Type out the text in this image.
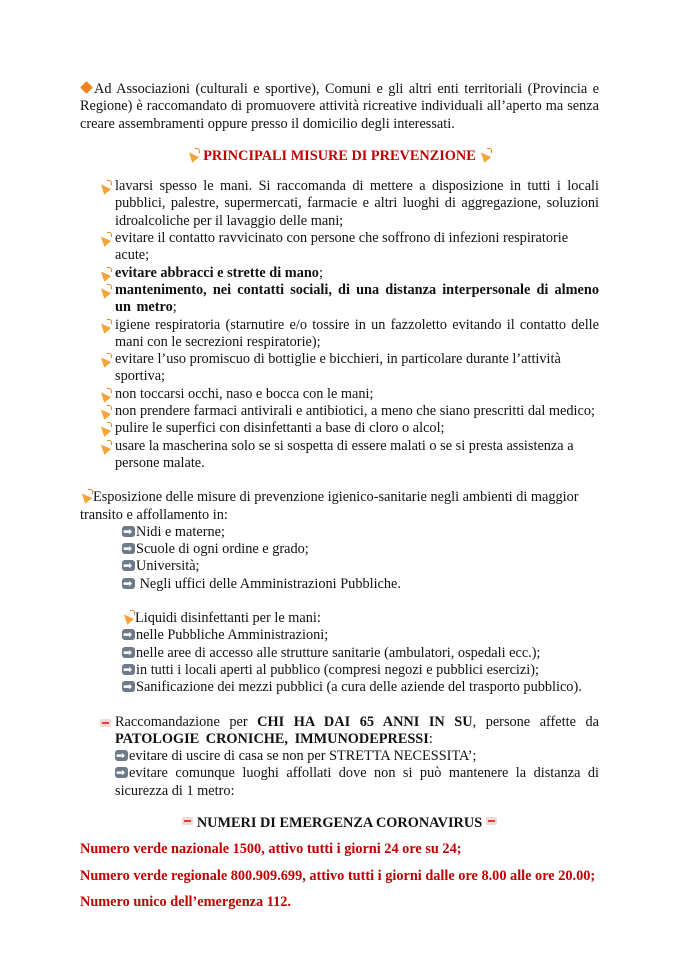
Ad Associazioni (culturali e sportive), Comuni e gli altri enti territoriali (Provincia e Regione) è raccomandato di promuovere attività ricreative individuali all’aperto ma senza creare assembramenti oppure presso il domicilio degli interessati.

PRINCIPALI MISURE DI PREVENZIONE

lavarsi spesso le mani. Si raccomanda di mettere a disposizione in tutti i locali pubblici, palestre, supermercati, farmacie e altri luoghi di aggregazione, soluzioni idroalcoliche per il lavaggio delle mani;
evitare il contatto ravvicinato con persone che soffrono di infezioni respiratorie acute;
evitare abbracci e strette di mano;
mantenimento, nei contatti sociali, di una distanza interpersonale di almeno un metro;
igiene respiratoria (starnutire e/o tossire in un fazzoletto evitando il contatto delle mani con le secrezioni respiratorie);
evitare l’uso promiscuo di bottiglie e bicchieri, in particolare durante l’attività sportiva;
non toccarsi occhi, naso e bocca con le mani;
non prendere farmaci antivirali e antibiotici, a meno che siano prescritti dal medico;
pulire le superfici con disinfettanti a base di cloro o alcol;
usare la mascherina solo se si sospetta di essere malati o se si presta assistenza a persone malate.

Esposizione delle misure di prevenzione igienico-sanitarie negli ambienti di maggior transito e affollamento in:

➡Nidi e materne;

➡Scuole di ogni ordine e grado;

➡Università;

➡ Negli uffici delle Amministrazioni Pubbliche.

Liquidi disinfettanti per le mani:

➡nelle Pubbliche Amministrazioni;

➡nelle aree di accesso alle strutture sanitarie (ambulatori, ospedali ecc.);

➡in tutti i locali aperti al pubblico (compresi negozi e pubblici esercizi);

➡Sanificazione dei mezzi pubblici (a cura delle aziende del trasporto pubblico).

Raccomandazione per CHI HA DAI 65 ANNI IN SU, persone affette da PATOLOGIE CRONICHE, IMMUNODEPRESSI:

➡evitare di uscire di casa se non per STRETTA NECESSITA’;

➡evitare comunque luoghi affollati dove non si può mantenere la distanza di sicurezza di 1 metro:

NUMERI DI EMERGENZA CORONAVIRUS

Numero verde nazionale 1500, attivo tutti i giorni 24 ore su 24;

Numero verde regionale 800.909.699, attivo tutti i giorni dalle ore 8.00 alle ore 20.00;

Numero unico dell’emergenza 112.
